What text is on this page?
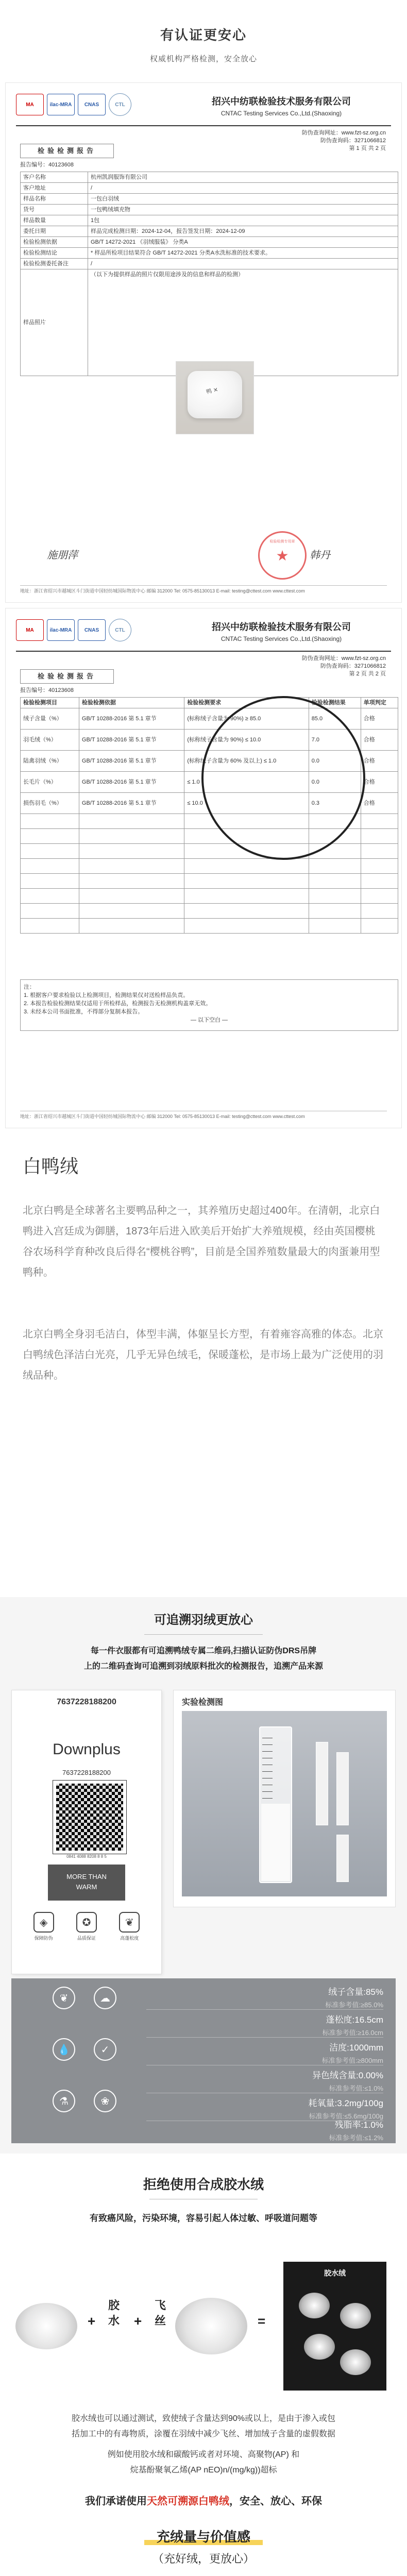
有认证更安心
权威机构严格检测，安全放心
MA	ilac-MRA	CNAS	CTL	招兴中纺联检验技术服务有限公司
CNTAC Testing Services Co.,Ltd.(Shaoxing)
防伪查询网址：www.fzt-sz.org.cn
防伪查询码：3271066812
第 1 页 共 2 页
检验检测报告
报告编号：40123608
客户名称	杭州凯润服饰有限公司
客户地址	/
样品名称	一包白羽绒
货号	一包鸭绒填充物
样品数量	1包
委托日期	样品完成检测日期：2024-12-04，报告签发日期：2024-12-09
检验检测依据	GB/T 14272-2021 《羽绒服装》 分类A
检验检测结论	* 样品所检项目结果符合 GB/T 14272-2021 分类A水洗标准的技术要求。
检验检测委托备注	/
样品照片	（以下为提供样品的照片仅限用途涉及的信息和样品的检测）
鸭 ✕
施朋萍	韩丹
检验检测专用章
★
地址：浙江省绍兴市越城区斗门街道中国轻纺城国际物流中心 邮编 312000 Tel: 0575-85130013 E-mail: testing@cttest.com www.cttest.com
MA	ilac-MRA	CNAS	CTL	招兴中纺联检验技术服务有限公司
CNTAC Testing Services Co.,Ltd.(Shaoxing)
防伪查询网址：www.fzt-sz.org.cn
防伪查询码：3271066812
第 2 页 共 2 页
检验检测报告
报告编号：40123608
检验检测项目	检验检测依据	检验检测要求	检验检测结果	单项判定
绒子含量（%）	GB/T 10288-2016 第 5.1 章节	(标称绒子含量为 90%) ≥ 85.0	85.0	合格
羽毛绒（%）	GB/T 10288-2016 第 5.1 章节	(标称绒子含量为 90%) ≤ 10.0	7.0	合格
陆禽羽绒（%）	GB/T 10288-2016 第 5.1 章节	(标称绒子含量为 60% 及以上) ≤ 1.0	0.0	合格
长毛片（%）	GB/T 10288-2016 第 5.1 章节	≤ 1.0	0.0	合格
损伤羽毛（%）	GB/T 10288-2016 第 5.1 章节	≤ 10.0	0.3	合格

注：
1. 根据客户要求检验以上检测项目，检测结果仅对送检样品负责。
2. 本报告检验检测结果仅适用于所检样品，检测报告无检测机构盖章无效。
3. 未经本公司书面批准，不得部分复制本报告。
— 以下空白 —
地址：浙江省绍兴市越城区斗门街道中国轻纺城国际物流中心 邮编 312000 Tel: 0575-85130013 E-mail: testing@cttest.com www.cttest.com
白鸭绒

北京白鸭是全球著名主要鸭品种之一，其养殖历史超过400年。在清朝，北京白鸭进入宫廷成为御膳，1873年后进入欧美后开始扩大养殖规模，经由英国樱桃谷农场科学育种改良后得名“樱桃谷鸭”，目前是全国养殖数量最大的肉蛋兼用型鸭种。

北京白鸭全身羽毛洁白，体型丰满，体躯呈长方型，有着雍容高雅的体态。北京白鸭绒色泽洁白光亮，几乎无异色绒毛，保暖蓬松，是市场上最为广泛使用的羽绒品种。

可追溯羽绒更放心
每一件衣服都有可追溯鸭绒专属二维码,扫描认证防伪DRS吊牌
上的二维码查询可追溯到羽绒原料批次的检测报告，追溯产品来源
7637228188200
Downplus
7637228188200
0841 4088 8208 8 8 5
MORE THAN
WARM
◈
保障防伪
✪
品质保证
❦
高蓬松度
实验检测图
❦	☁
💧	✓
⚗	❀
绒子含量:85%
标准参考值:≥85.0%
蓬松度:16.5cm
标准参考值:≥16.0cm
洁度:1000mm
标准参考值:≥800mm
异色绒含量:0.00%
标准参考值:≤1.0%
耗氧量:3.2mg/100g
标准参考值:≤5.6mg/100g
残脂率:1.0%
标准参考值:≤1.2%
拒绝使用合成胶水绒
有致癌风险，污染环境，容易引起人体过敏、呼吸道问题等
+
胶
水 +
飞
丝	=
胶水绒
胶水绒也可以通过测试，致使绒子含量达到90%或以上，是由于渗入或包
括加工中的有毒物质，涂覆在羽绒中减少飞丝、增加绒子含量的虚假数据
例如使用胶水绒和碳酸钙或者对环境、高聚物(AP) 和
烷基酚聚氧乙烯(AP nEO)n/(mg/kg))超标
我们承诺使用天然可溯源白鸭绒，安全、放心、环保
充绒量与价值感
（充好绒，更放心）
